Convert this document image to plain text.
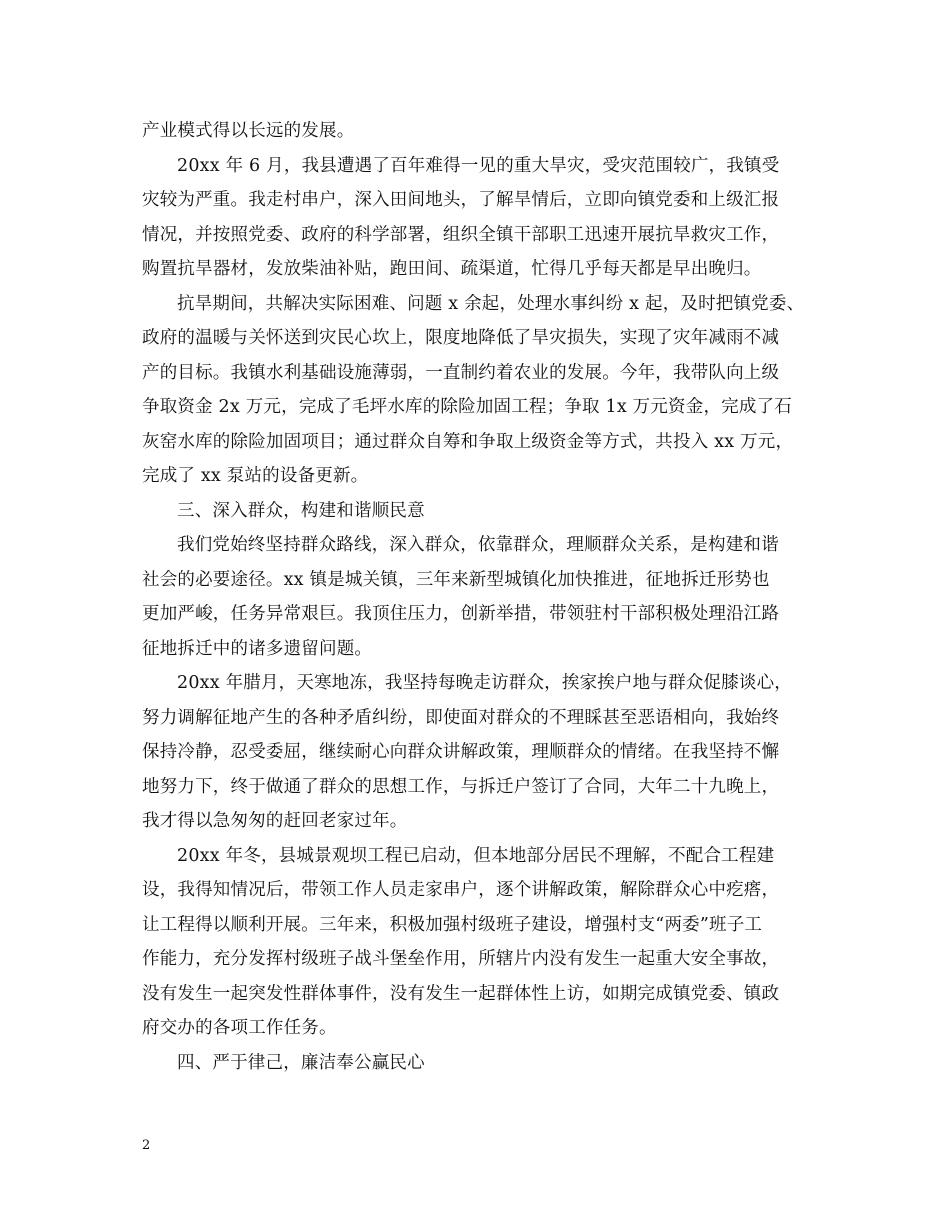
产业模式得以长远的发展。
20xx 年 6 月，我县遭遇了百年难得一见的重大旱灾，受灾范围较广，我镇受
灾较为严重。我走村串户，深入田间地头，了解旱情后，立即向镇党委和上级汇报
情况，并按照党委、政府的科学部署，组织全镇干部职工迅速开展抗旱救灾工作，
购置抗旱器材，发放柴油补贴，跑田间、疏渠道，忙得几乎每天都是早出晚归。
抗旱期间，共解决实际困难、问题 x 余起，处理水事纠纷 x 起，及时把镇党委、
政府的温暖与关怀送到灾民心坎上，限度地降低了旱灾损失，实现了灾年减雨不减
产的目标。我镇水利基础设施薄弱，一直制约着农业的发展。今年，我带队向上级
争取资金 2x 万元，完成了毛坪水库的除险加固工程；争取 1x 万元资金，完成了石
灰窑水库的除险加固项目；通过群众自筹和争取上级资金等方式，共投入 xx 万元，
完成了 xx 泵站的设备更新。
三、深入群众，构建和谐顺民意
我们党始终坚持群众路线，深入群众，依靠群众，理顺群众关系，是构建和谐
社会的必要途径。xx 镇是城关镇，三年来新型城镇化加快推进，征地拆迁形势也
更加严峻，任务异常艰巨。我顶住压力，创新举措，带领驻村干部积极处理沿江路
征地拆迁中的诸多遗留问题。
20xx 年腊月，天寒地冻，我坚持每晚走访群众，挨家挨户地与群众促膝谈心，
努力调解征地产生的各种矛盾纠纷，即使面对群众的不理睬甚至恶语相向，我始终
保持冷静，忍受委屈，继续耐心向群众讲解政策，理顺群众的情绪。在我坚持不懈
地努力下，终于做通了群众的思想工作，与拆迁户签订了合同，大年二十九晚上，
我才得以急匆匆的赶回老家过年。
20xx 年冬，县城景观坝工程已启动，但本地部分居民不理解，不配合工程建
设，我得知情况后，带领工作人员走家串户，逐个讲解政策，解除群众心中疙瘩，
让工程得以顺利开展。三年来，积极加强村级班子建设，增强村支“两委”班子工
作能力，充分发挥村级班子战斗堡垒作用，所辖片内没有发生一起重大安全事故，
没有发生一起突发性群体事件，没有发生一起群体性上访，如期完成镇党委、镇政
府交办的各项工作任务。
四、严于律己，廉洁奉公赢民心
2
